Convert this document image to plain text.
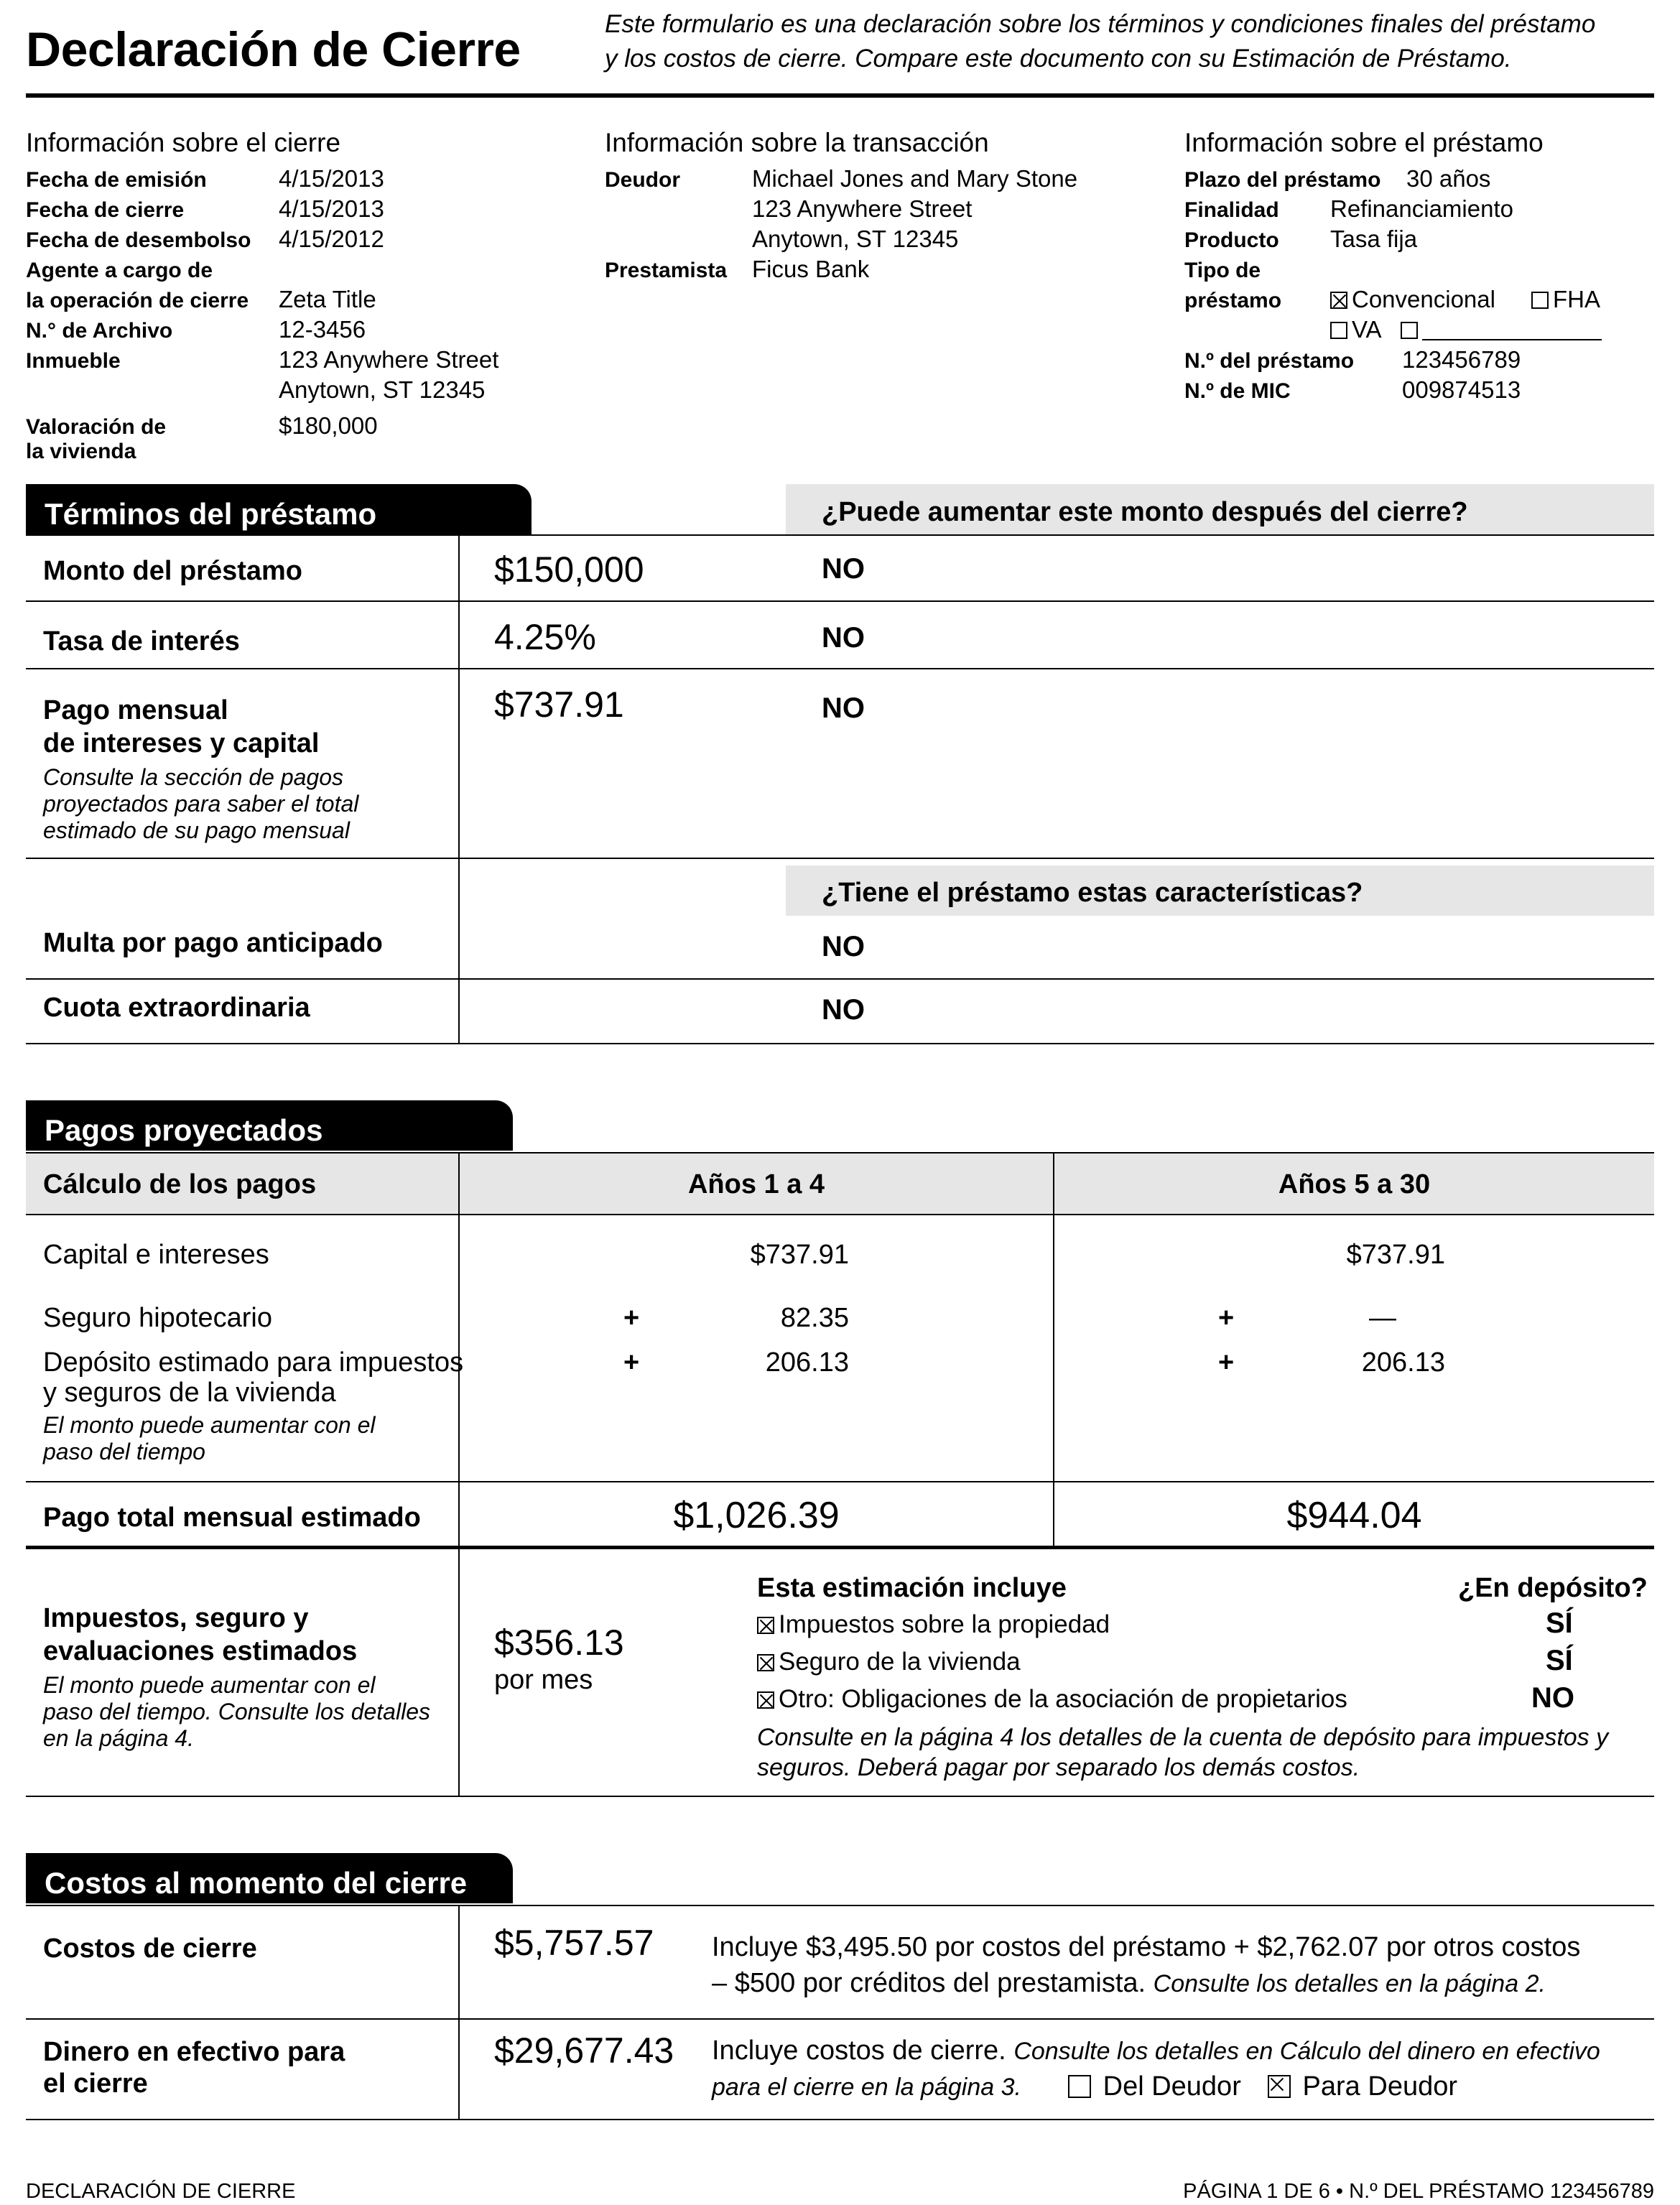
Declaración de Cierre	Este formulario es una declaración sobre los términos y condiciones finales del préstamo
y los costos de cierre. Compare este documento con su Estimación de Préstamo.
Información sobre el cierre
Fecha de emisión	4/15/2013
Fecha de cierre	4/15/2013
Fecha de desembolso 4/15/2012
Agente a cargo de
la operación de cierre Zeta Title
N.° de Archivo	12-3456
Inmueble	123 Anywhere Street
Anytown, ST 12345
Valoración de
la vivienda
$180,000
Información sobre la transacción
Deudor	Michael Jones and Mary Stone
123 Anywhere Street
Anytown, ST 12345
Prestamista Ficus Bank
Información sobre el préstamo
Plazo del préstamo 30 años
Finalidad Refinanciamiento
Producto Tasa fija
Tipo de
préstamo	Convencional	FHA
VA
N.º del préstamo 123456789
N.º de MIC	009874513
Términos del préstamo	¿Puede aumentar este monto después del cierre?
Monto del préstamo	$150,000	NO
Tasa de interés	4.25%	NO
Pago mensual
de intereses y capital
Consulte la sección de pagos
proyectados para saber el total
estimado de su pago mensual
$737.91	NO
¿Tiene el préstamo estas características?
Multa por pago anticipado	NO
Cuota extraordinaria	NO
Pagos proyectados
Cálculo de los pagos	Años 1 a 4	Años 5 a 30
Capital e intereses	$737.91	$737.91
Seguro hipotecario	+	82.35	+	—
Depósito estimado para impuestos
y seguros de la vivienda
El monto puede aumentar con el
paso del tiempo
+	206.13	+	206.13
Pago total mensual estimado	$1,026.39	$944.04
Impuestos, seguro y
evaluaciones estimados
El monto puede aumentar con el
paso del tiempo. Consulte los detalles
en la página 4.
$356.13
por mes
Esta estimación incluye	¿En depósito?
Impuestos sobre la propiedad	SÍ
Seguro de la vivienda	SÍ
Otro: Obligaciones de la asociación de propietarios	NO
Consulte en la página 4 los detalles de la cuenta de depósito para impuestos y
seguros. Deberá pagar por separado los demás costos.
Costos al momento del cierre
Costos de cierre	$5,757.57 Incluye $3,495.50 por costos del préstamo + $2,762.07 por otros costos
– $500 por créditos del prestamista. Consulte los detalles en la página 2.
Dinero en efectivo para
el cierre
$29,677.43 Incluye costos de cierre. Consulte los detalles en Cálculo del dinero en efectivo
para el cierre en la página 3.	Del Deudor Para Deudor
DECLARACIÓN DE CIERRE	PÁGINA 1 DE 6 • N.º DEL PRÉSTAMO 123456789
